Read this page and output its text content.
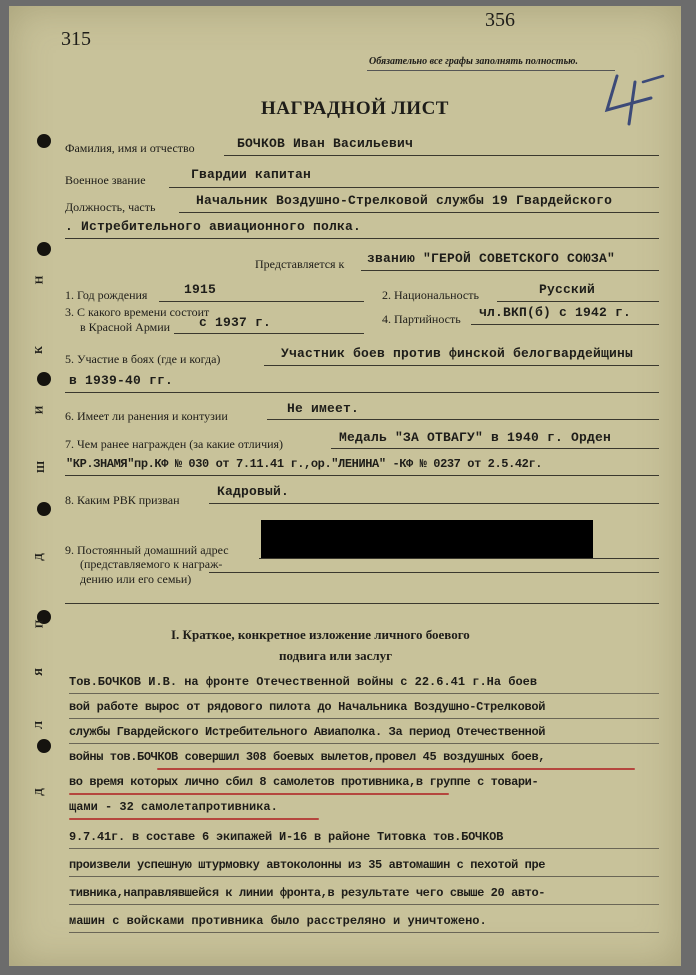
315
356
Обязательно все графы заполнять полностью.
Д
Л
Я
П
Д
Ш
И
К
Н
НАГРАДНОЙ ЛИСТ
Фамилия, имя и отчество	БОЧКОВ Иван Васильевич
Военное звание	Гвардии капитан
Должность, часть	Начальник Воздушно-Стрелковой службы 19 Гвардейского
. Истребительного авиационного полка.
Представляется к званию "ГЕРОЙ СОВЕТСКОГО СОЮЗА"
1. Год рождения	1915	2. Национальность	Русский
3. С какого времени состоит
в Красной Армии с 1937 г.	4. Партийность чл.ВКП(б) с 1942 г.
5. Участие в боях (где и когда)	Участник боев против финской белогвардейщины
в 1939-40 гг.
6. Имеет ли ранения и контузии	Не имеет.
7. Чем ранее награжден (за какие отличия)	Медаль "ЗА ОТВАГУ" в 1940 г. Орден
"КР.ЗНАМЯ"пр.КФ № 030 от 7.11.41 г.,ор."ЛЕНИНА" -КФ № 0237 от 2.5.42г.
8. Каким РВК призван
Кадровый.
9. Постоянный домашний адрес
(представляемого к награж-
дению или его семьи)
I. Краткое, конкретное изложение личного боевого
подвига или заслуг
Тов.БОЧКОВ И.В. на фронте Отечественной войны с 22.6.41 г.На боев
вой работе вырос от рядового пилота до Начальника Воздушно-Стрелковой
службы Гвардейского Истребительного Авиаполка. За период Отечественной
войны тов.БОЧКОВ совершил 308 боевых вылетов,провел 45 воздушных боев,
во время которых лично сбил 8 самолетов противника,в группе с товари-
щами - 32 самолетапротивника.
9.7.41г. в составе 6 экипажей И-16 в районе Титовка тов.БОЧКОВ
произвели успешную штурмовку автоколонны из 35 автомашин с пехотой пре
тивника,направлявшейся к линии фронта,в результате чего свыше 20 авто-
машин с войсками противника было расстреляно и уничтожено.
